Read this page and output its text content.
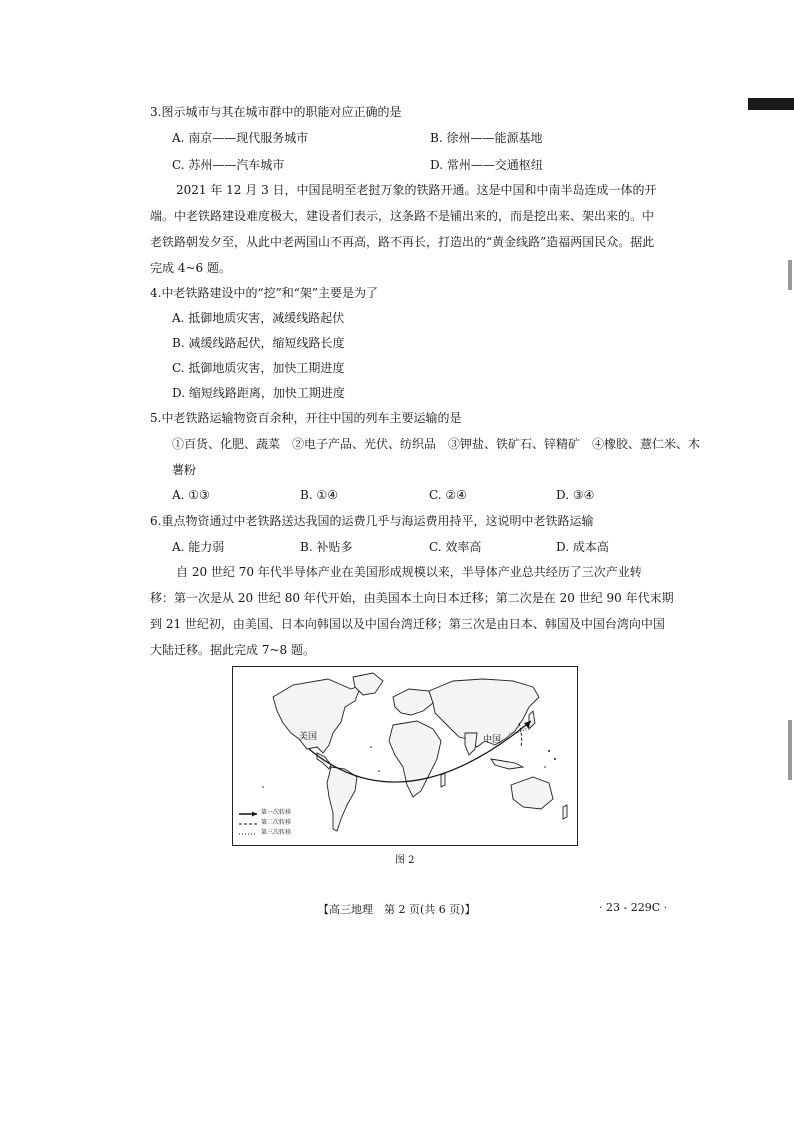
3.图示城市与其在城市群中的职能对应正确的是
A. 南京——现代服务城市	B. 徐州——能源基地
C. 苏州——汽车城市	D. 常州——交通枢纽
2021 年 12 月 3 日，中国昆明至老挝万象的铁路开通。这是中国和中南半岛连成一体的开
端。中老铁路建设难度极大，建设者们表示，这条路不是铺出来的，而是挖出来、架出来的。中
老铁路朝发夕至，从此中老两国山不再高，路不再长，打造出的“黄金线路”造福两国民众。据此
完成 4~6 题。
4.中老铁路建设中的“挖”和“架”主要是为了
A. 抵御地质灾害，减缓线路起伏
B. 减缓线路起伏，缩短线路长度
C. 抵御地质灾害，加快工期进度
D. 缩短线路距离，加快工期进度
5.中老铁路运输物资百余种，开往中国的列车主要运输的是
①百货、化肥、蔬菜　②电子产品、光伏、纺织品　③钾盐、铁矿石、锌精矿　④橡胶、薏仁米、木
薯粉
A. ①③	B. ①④	C. ②④	D. ③④
6.重点物资通过中老铁路送达我国的运费几乎与海运费用持平，这说明中老铁路运输
A. 能力弱	B. 补贴多	C. 效率高	D. 成本高
自 20 世纪 70 年代半导体产业在美国形成规模以来，半导体产业总共经历了三次产业转
移：第一次是从 20 世纪 80 年代开始，由美国本土向日本迁移；第二次是在 20 世纪 90 年代末期
到 21 世纪初，由美国、日本向韩国以及中国台湾迁移；第三次是由日本、韩国及中国台湾向中国
大陆迁移。据此完成 7~8 题。
美国	中国
第一次转移
第二次转移
第三次转移
图 2
【高三地理　第 2 页(共 6 页)】	· 23 - 229C ·
